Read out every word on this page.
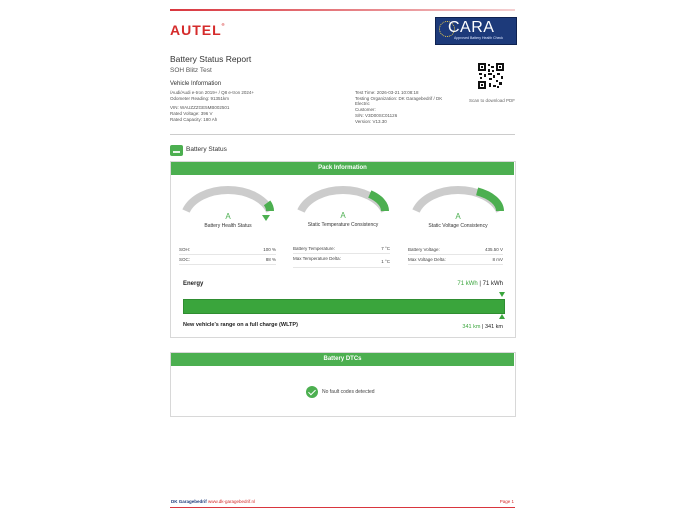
AUTEL®	CARA
Approved Battery Health Check
Battery Status Report
SOH Blitz Test
Vehicle Information
/Audi/Audi e-tron 2019+ / Q8 e-tron 2024+
Odometer Reading: 91351km
VIN: WAUZZZGE5MB002501
Rated Voltage: 396 V
Rated Capacity: 180 Ah
Test Time: 2026-03-21 10:08:18
Testing Organization: DK Garagebedrif / DK
Electric
Customer:
S/N: V3D00SC01126
Version: V13.30
Scan to download PDF
Battery Status
Pack Information
A
Battery Health Status
A
Static Temperature Consistency
A
Static Voltage Consistency
SOH:	100 %
SOC:	88 %
Battery Temperature:	7 °C
Max Temperature Delta:
1 °C
Battery Voltage:	435.50 V
Max Voltage Delta:	8 mV
Energy	71 kWh | 71 kWh
New vehicle's range on a full charge (WLTP)	341 km | 341 km
Battery DTCs
No fault codes detected
DK Garagebedrif www.dk-garagebedrif.nl	Page 1
